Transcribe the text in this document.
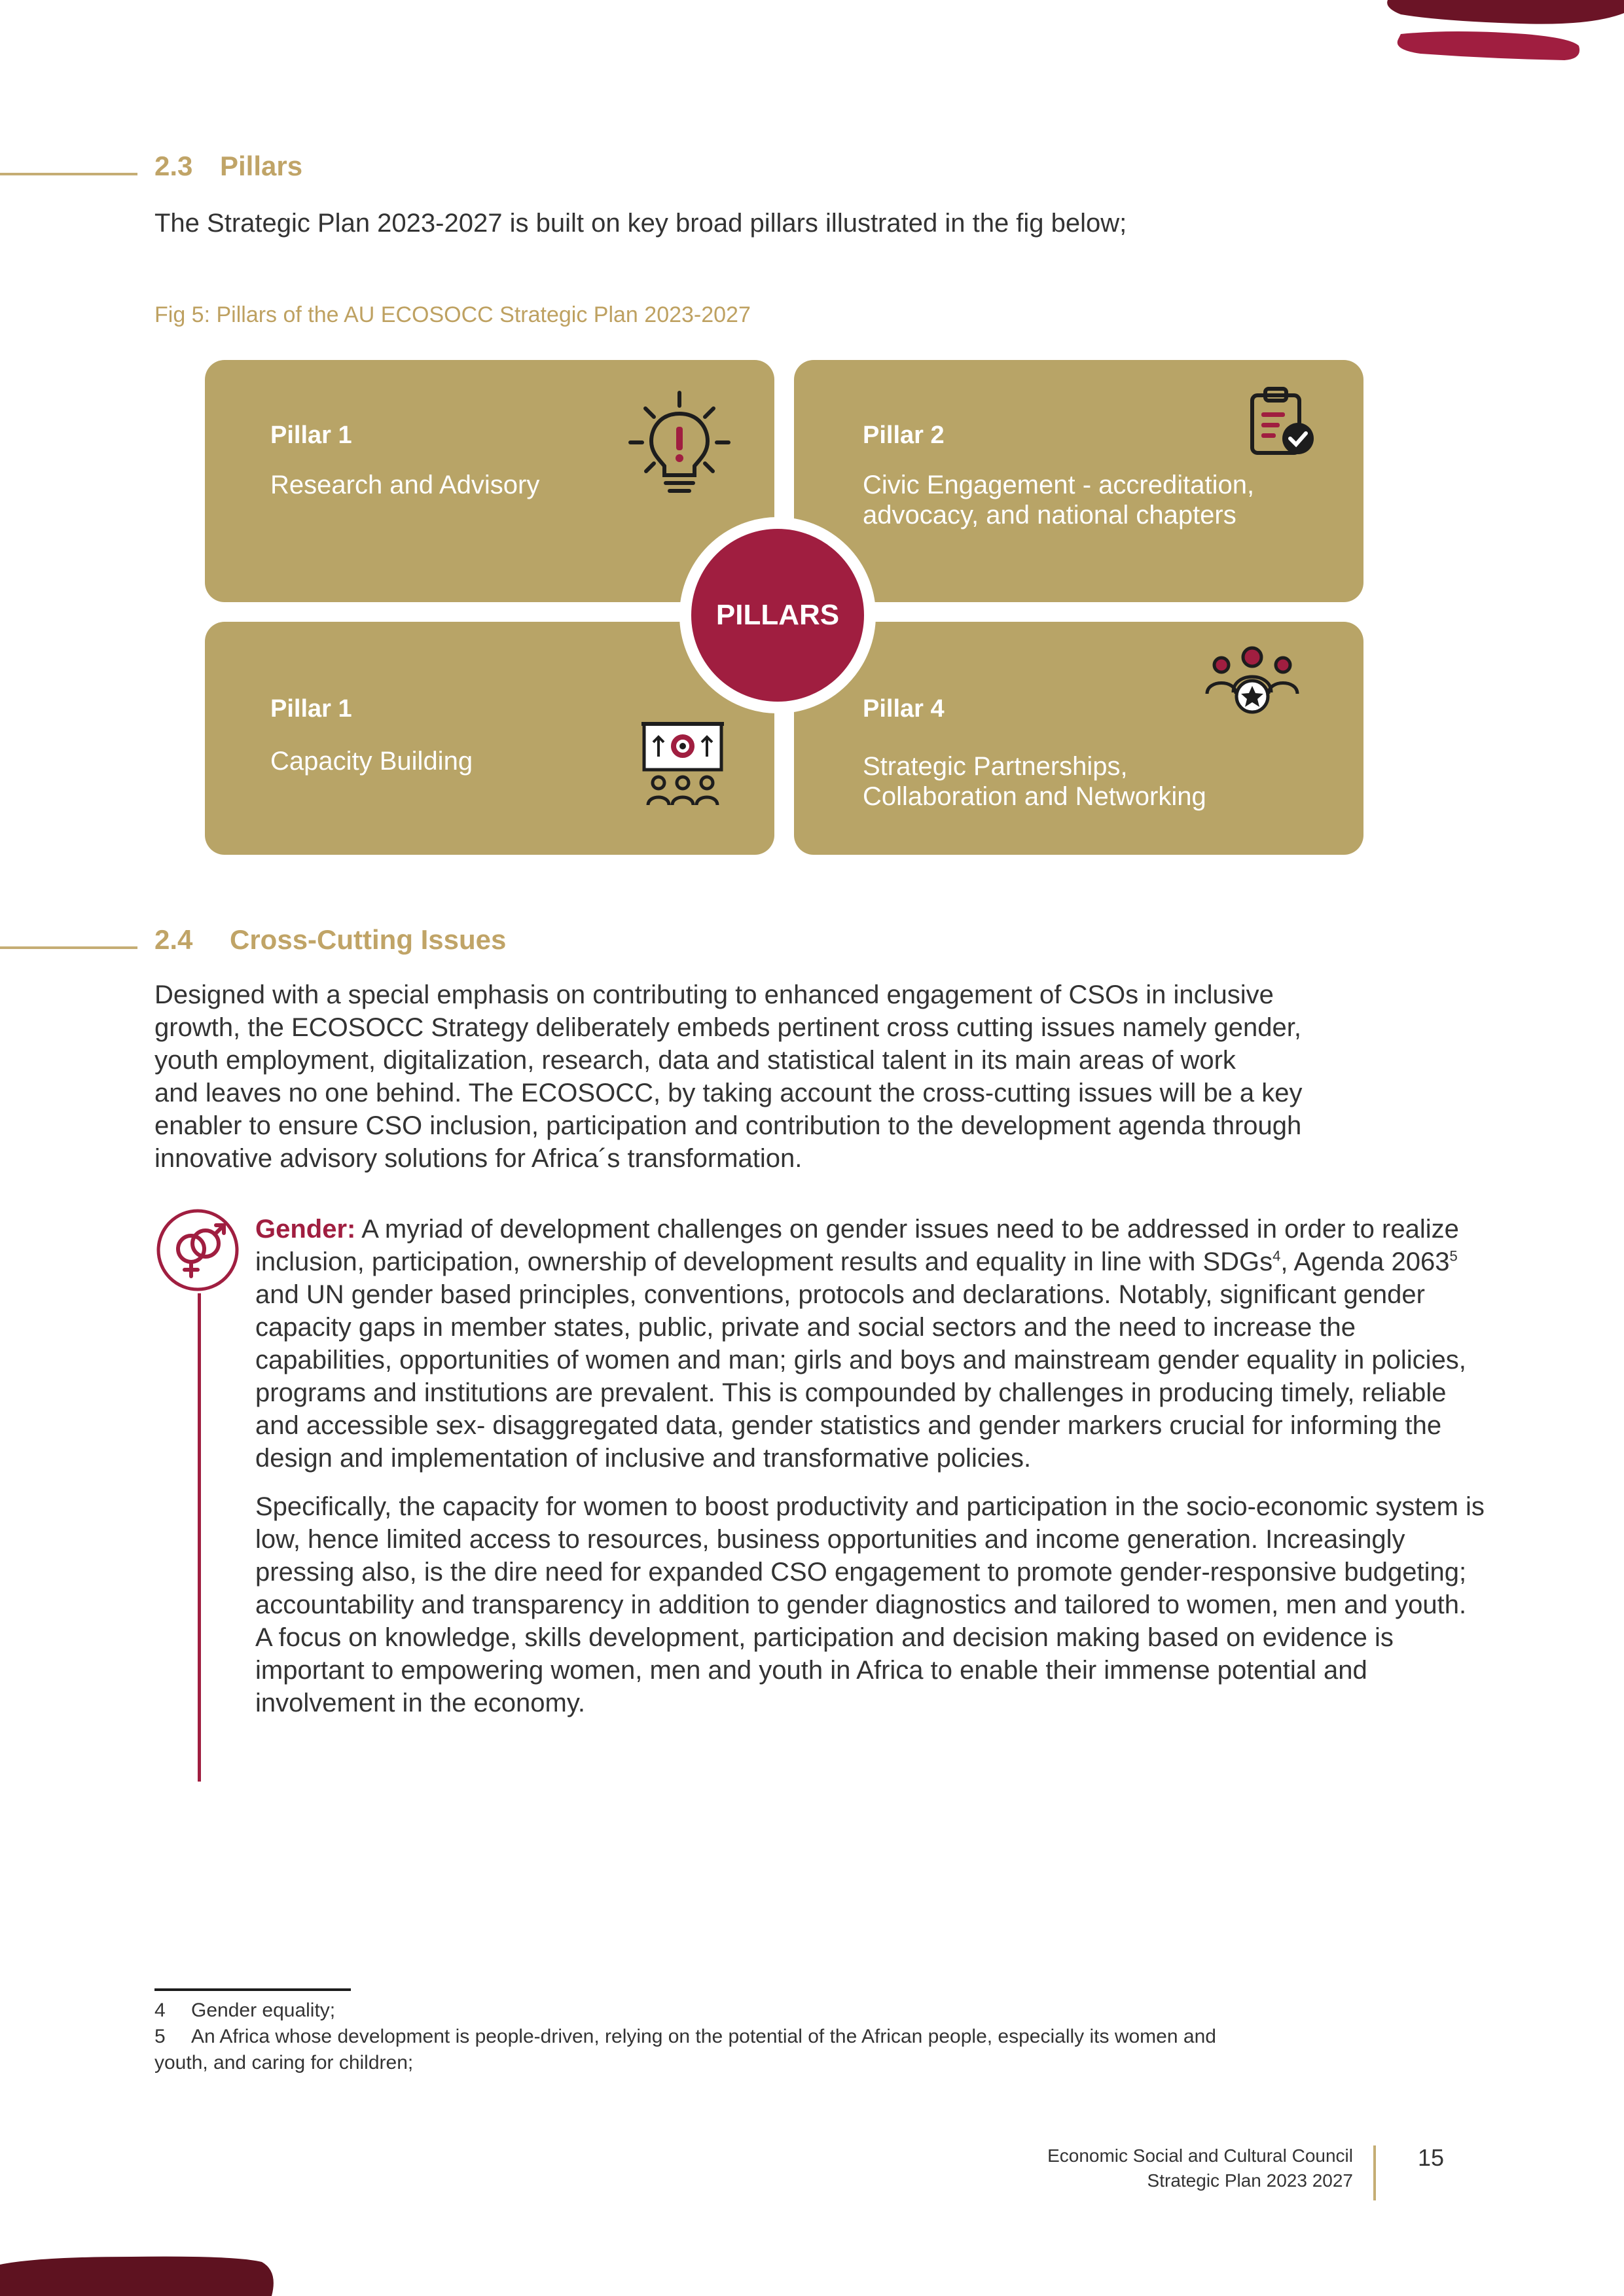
2.3 Pillars
The Strategic Plan 2023-2027 is built on key broad pillars illustrated in the fig below;
Fig 5: Pillars of the AU ECOSOCC Strategic Plan 2023-2027
Pillar 1
Research and Advisory
Pillar 2
Civic Engagement - accreditation,
advocacy, and national chapters
Pillar 1
Capacity Building
Pillar 4
Strategic Partnerships,
Collaboration and Networking
PILLARS
2.4 Cross-Cutting Issues
Designed with a special emphasis on contributing to enhanced engagement of CSOs in inclusive
growth, the ECOSOCC Strategy deliberately embeds pertinent cross cutting issues namely gender,
youth employment, digitalization, research, data and statistical talent in its main areas of work
and leaves no one behind. The ECOSOCC, by taking account the cross-cutting issues will be a key
enabler to ensure CSO inclusion, participation and contribution to the development agenda through
innovative advisory solutions for Africa´s transformation.

Gender: A myriad of development challenges on gender issues need to be addressed in order to realize inclusion, participation, ownership of development results and equality in line with SDGs$^4$, Agenda 2063$^5$ and UN gender based principles, conventions, protocols and declarations. Notably, significant gender capacity gaps in member states, public, private and social sectors and the need to increase the capabilities, opportunities of women and man; girls and boys and mainstream gender equality in policies, programs and institutions are prevalent. This is compounded by challenges in producing timely, reliable and accessible sex- disaggregated data, gender statistics and gender markers crucial for informing the design and implementation of inclusive and transformative policies.

Specifically, the capacity for women to boost productivity and participation in the socio-economic system is low, hence limited access to resources, business opportunities and income generation. Increasingly pressing also, is the dire need for expanded CSO engagement to promote gender-responsive budgeting; accountability and transparency in addition to gender diagnostics and tailored to women, men and youth. A focus on knowledge, skills development, participation and decision making based on evidence is important to empowering women, men and youth in Africa to enable their immense potential and involvement in the economy.

4 Gender equality;
5 An Africa whose development is people-driven, relying on the potential of the African people, especially its women and
youth, and caring for children;
Economic Social and Cultural Council
Strategic Plan 2023 2027
15
